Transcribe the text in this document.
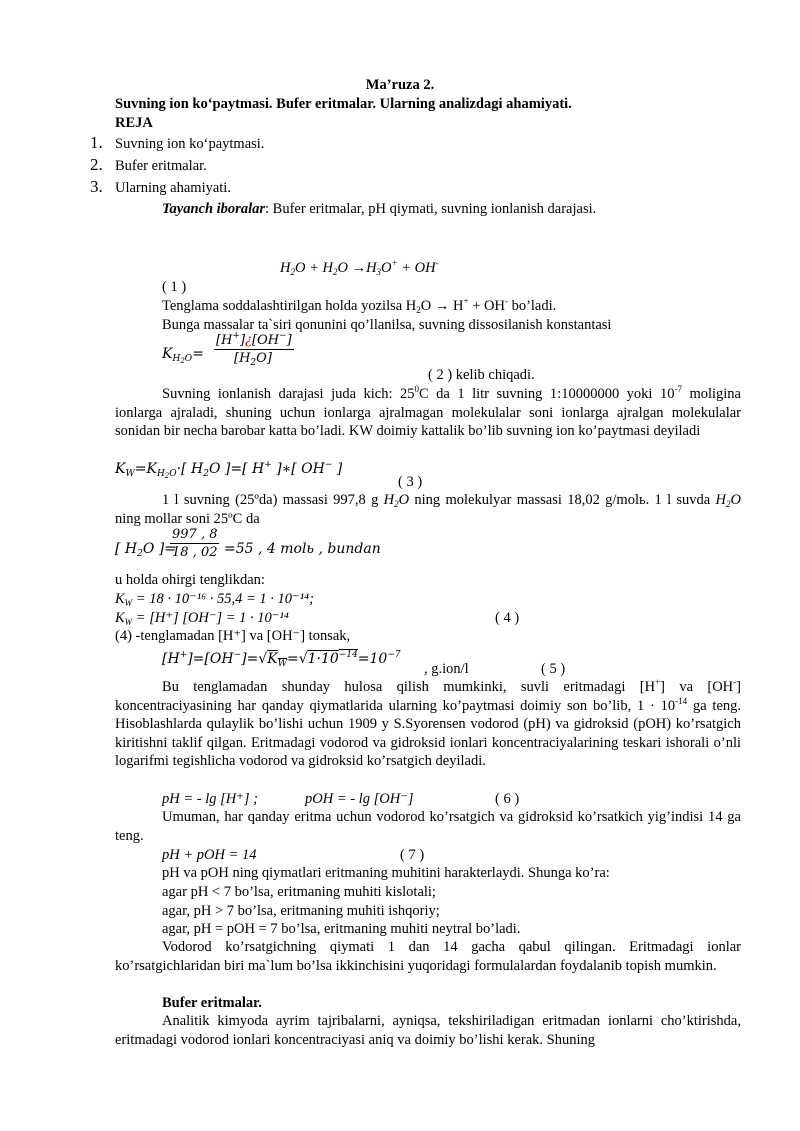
Ma’ruza 2.
Suvning ion ko‘paytmasi. Bufer eritmalar. Ularning analizdagi ahamiyati.
REJA
1. Suvning ion ko‘paytmasi.
2. Bufer eritmalar.
3. Ularning ahamiyati.
Tayanch iboralar: Bufer eritmalar, pH qiymati, suvning ionlanish darajasi.
$H_2O + H_2O \to H_3O^+ + OH^-$
( 1 )
Tenglama soddalashtirilgan holda yozilsa $H_2O \to H^+ + OH^-$ bo’ladi.
Bunga massalar ta`siri qonunini qo’llanilsa, suvning dissosilanish konstantasi
$K_{H_2O}= \frac{[H^+]¿[OH^-]}{[H_2O]}$
( 2 ) kelib chiqadi.
Suvning ionlanish darajasi juda kich: $25^0C$ da 1 litr suvning 1:10000000 yoki $10^{-7}$ moligina ionlarga ajraladi, shuning uchun ionlarga ajralmagan molekulalar soni ionlarga ajralgan molekulalar sonidan bir necha barobar katta bo’ladi. KW doimiy kattalik bo’lib suvning ion ko’paytmasi deyiladi
$K_W=K_{H_2O}\cdot$[ $H_2O$ ]=[ H+ ]∗[ OH− ]
( 3 )
1 l suvning (25ºda) massasi 997,8 g $H_2O$ ning molekulyar massasi 18,02 g/molь. 1 l suvda $H_2O$ ning mollar soni 25ºC da
[ $H_2O$ ]=
$\frac{997 , 8}{18 , 02} =55$ , 4 molь , bundan
u holda ohirgi tenglikdan:
$K_W = 18 \cdot 10^{-16} \cdot 55,4 = 1 \cdot 10^{-14}$;
$K_W = [H^+] [OH^-] = 1 \cdot 10^{-14}$	( 4 )
(4) -tenglamadan [H⁺] va [OH⁻] tonsak,
$[H^+]=[OH^-]=√K_W=√1\cdot 10^{-14}=10^{-7}$
, g.ion/l	( 5 )
Bu tenglamadan shunday hulosa qilish mumkinki, suvli eritmadagi [H+] va [OH-] koncentraciyasining har qanday qiymatlarida ularning ko’paytmasi doimiy son bo’lib, $1 \cdot 10^{-14}$ ga teng. Hisoblashlarda qulaylik bo’lishi uchun 1909 y S.Syorensen vodorod (pH) va gidroksid (pOH) ko’rsatgich kiritishni taklif qilgan. Eritmadagi vodorod va gidroksid ionlari koncentraciyalarining teskari ishorali o’nli logarifmi tegishlicha vodorod va gidroksid ko’rsatgich deyiladi.
pH = - lg [H⁺] ;	pOH = - lg [OH⁻]	( 6 )
Umuman, har qanday eritma uchun vodorod ko’rsatgich va gidroksid ko’rsatkich yig’indisi 14 ga teng.
pH + pOH = 14	( 7 )
pH va pOH ning qiymatlari eritmaning muhitini harakterlaydi. Shunga ko’ra:
agar pH < 7 bo’lsa, eritmaning muhiti kislotali;
agar, pH > 7 bo’lsa, eritmaning muhiti ishqoriy;
agar, pH = pOH = 7 bo’lsa, eritmaning muhiti neytral bo’ladi.
Vodorod ko’rsatgichning qiymati 1 dan 14 gacha qabul qilingan. Eritmadagi ionlar ko’rsatgichlaridan biri ma`lum bo’lsa ikkinchisini yuqoridagi formulalardan foydalanib topish mumkin.
Bufer eritmalar.
Analitik kimyoda ayrim tajribalarni, ayniqsa, tekshiriladigan eritmadan ionlarni cho’ktirishda, eritmadagi vodorod ionlari koncentraciyasi aniq va doimiy bo’lishi kerak. Shuning
